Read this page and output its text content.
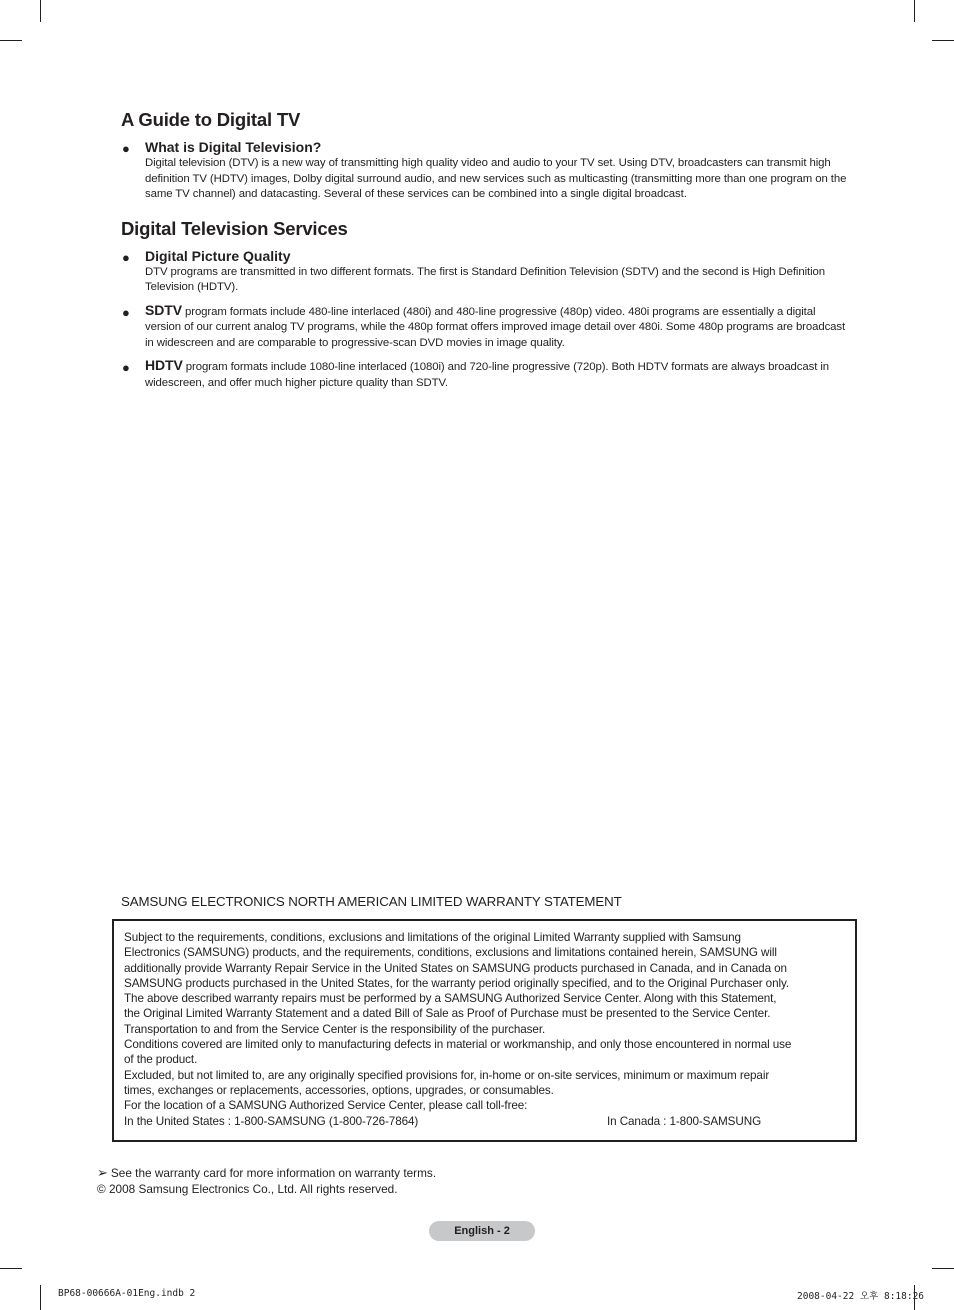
A Guide to Digital TV
● What is Digital Television?
Digital television (DTV) is a new way of transmitting high quality video and audio to your TV set. Using DTV, broadcasters can transmit high definition TV (HDTV) images, Dolby digital surround audio, and new services such as multicasting (transmitting more than one program on the same TV channel) and datacasting. Several of these services can be combined into a single digital broadcast.
Digital Television Services
● Digital Picture Quality
DTV programs are transmitted in two different formats. The first is Standard Definition Television (SDTV) and the second is High Definition Television (HDTV).
● SDTV program formats include 480-line interlaced (480i) and 480-line progressive (480p) video. 480i programs are essentially a digital version of our current analog TV programs, while the 480p format offers improved image detail over 480i. Some 480p programs are broadcast in widescreen and are comparable to progressive-scan DVD movies in image quality.
● HDTV program formats include 1080-line interlaced (1080i) and 720-line progressive (720p). Both HDTV formats are always broadcast in widescreen, and offer much higher picture quality than SDTV.
SAMSUNG ELECTRONICS NORTH AMERICAN LIMITED WARRANTY STATEMENT
Subject to the requirements, conditions, exclusions and limitations of the original Limited Warranty supplied with Samsung
Electronics (SAMSUNG) products, and the requirements, conditions, exclusions and limitations contained herein, SAMSUNG will
additionally provide Warranty Repair Service in the United States on SAMSUNG products purchased in Canada, and in Canada on
SAMSUNG products purchased in the United States, for the warranty period originally specified, and to the Original Purchaser only.
The above described warranty repairs must be performed by a SAMSUNG Authorized Service Center. Along with this Statement,
the Original Limited Warranty Statement and a dated Bill of Sale as Proof of Purchase must be presented to the Service Center.
Transportation to and from the Service Center is the responsibility of the purchaser.
Conditions covered are limited only to manufacturing defects in material or workmanship, and only those encountered in normal use
of the product.
Excluded, but not limited to, are any originally specified provisions for, in-home or on-site services, minimum or maximum repair
times, exchanges or replacements, accessories, options, upgrades, or consumables.
For the location of a SAMSUNG Authorized Service Center, please call toll-free:
In the United States : 1-800-SAMSUNG (1-800-726-7864)	In Canada : 1-800-SAMSUNG
➢ See the warranty card for more information on warranty terms.
© 2008 Samsung Electronics Co., Ltd. All rights reserved.
English - 2
BP68-00666A-01Eng.indb 2	2008-04-22 오후 8:18:26
